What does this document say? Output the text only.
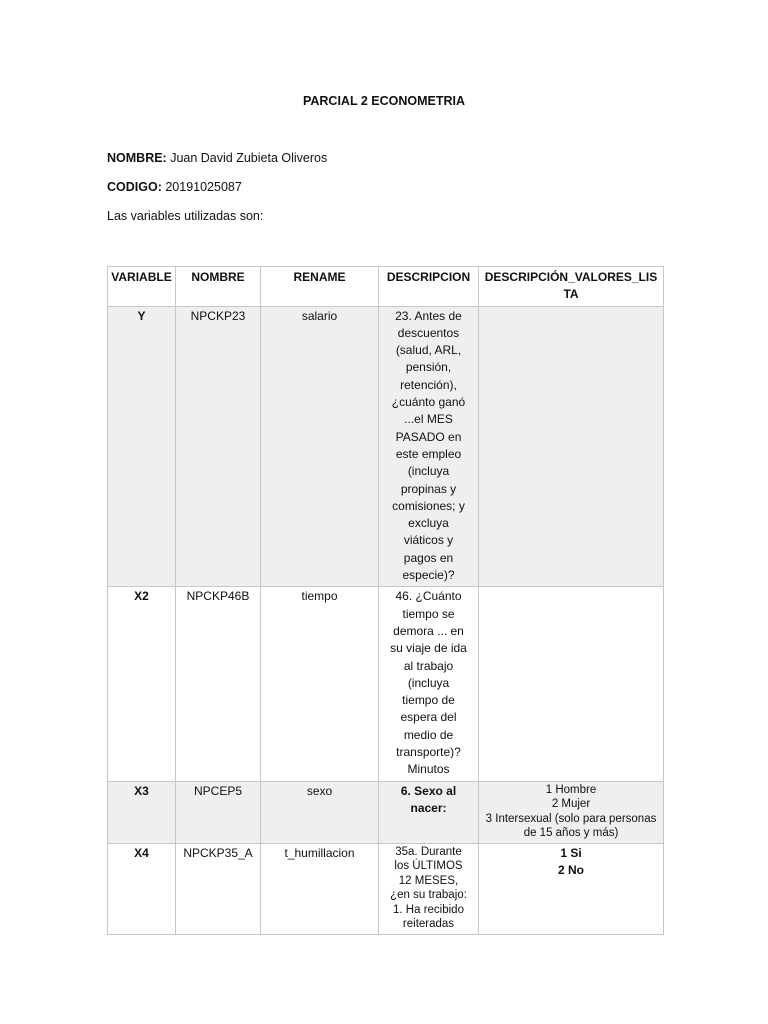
PARCIAL 2 ECONOMETRIA
NOMBRE: Juan David Zubieta Oliveros
CODIGO: 20191025087
Las variables utilizadas son:
VARIABLE	NOMBRE	RENAME	DESCRIPCION	DESCRIPCIÓN_VALORES_LISTA
Y	NPCKP23	salario	23. Antes de descuentos (salud, ARL, pensión, retención), ¿cuánto ganó ...el MES PASADO en este empleo (incluya propinas y comisiones; y excluya viáticos y pagos en especie)?	
X2	NPCKP46B	tiempo	46. ¿Cuánto tiempo se demora ... en su viaje de ida al trabajo (incluya tiempo de espera del medio de transporte)? Minutos	
X3	NPCEP5	sexo	6. Sexo al nacer:	1 Hombre
2 Mujer
3 Intersexual (solo para personas de 15 años y más)

X4	NPCKP35_A	t_humillacion	35a. Durante los ÚLTIMOS 12 MESES, ¿en su trabajo: 1. Ha recibido reiteradas	1 Si
2 No
